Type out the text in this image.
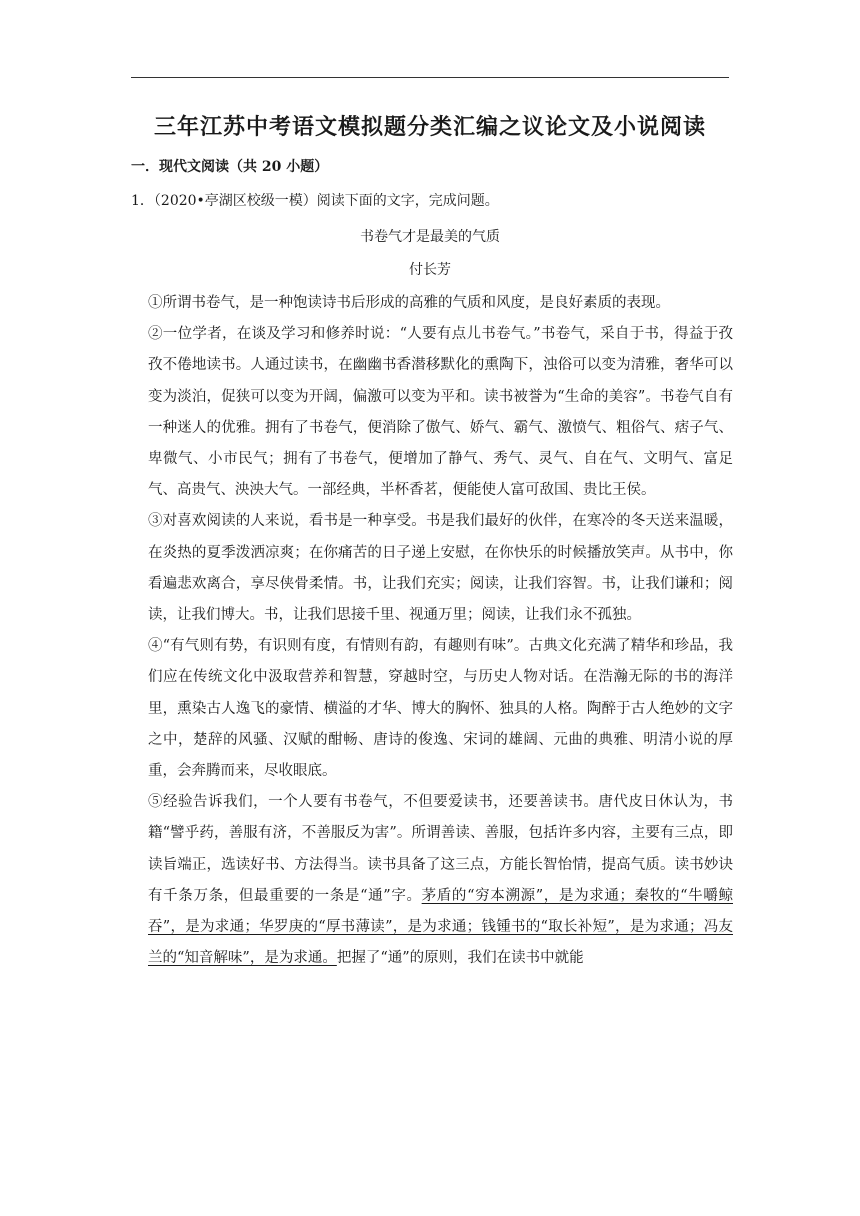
三年江苏中考语文模拟题分类汇编之议论文及小说阅读
一．现代文阅读（共 20 小题）
1．（2020•亭湖区校级一模）阅读下面的文字，完成问题。
书卷气才是最美的气质
付长芳

①所谓书卷气，是一种饱读诗书后形成的高雅的气质和风度，是良好素质的表现。

②一位学者，在谈及学习和修养时说：“人要有点儿书卷气。”书卷气，采自于书，得益于孜孜不倦地读书。人通过读书，在幽幽书香潜移默化的熏陶下，浊俗可以变为清雅，奢华可以变为淡泊，促狭可以变为开阔，偏激可以变为平和。读书被誉为“生命的美容”。书卷气自有一种迷人的优雅。拥有了书卷气，便消除了傲气、娇气、霸气、激愤气、粗俗气、痞子气、卑微气、小市民气；拥有了书卷气，便增加了静气、秀气、灵气、自在气、文明气、富足气、高贵气、泱泱大气。一部经典，半杯香茗，便能使人富可敌国、贵比王侯。

③对喜欢阅读的人来说，看书是一种享受。书是我们最好的伙伴，在寒冷的冬天送来温暖，在炎热的夏季泼洒凉爽；在你痛苦的日子递上安慰，在你快乐的时候播放笑声。从书中，你看遍悲欢离合，享尽侠骨柔情。书，让我们充实；阅读，让我们容智。书，让我们谦和；阅读，让我们博大。书，让我们思接千里、视通万里；阅读，让我们永不孤独。

④“有气则有势，有识则有度，有情则有韵，有趣则有味”。古典文化充满了精华和珍品，我们应在传统文化中汲取营养和智慧，穿越时空，与历史人物对话。在浩瀚无际的书的海洋里，熏染古人逸飞的豪情、横溢的才华、博大的胸怀、独具的人格。陶醉于古人绝妙的文字之中，楚辞的风骚、汉赋的酣畅、唐诗的俊逸、宋词的雄阔、元曲的典雅、明清小说的厚重，会奔腾而来，尽收眼底。

⑤经验告诉我们，一个人要有书卷气，不但要爱读书，还要善读书。唐代皮日休认为，书籍“譬乎药，善服有济，不善服反为害”。所谓善读、善服，包括许多内容，主要有三点，即读旨端正，选读好书、方法得当。读书具备了这三点，方能长智怡情，提高气质。读书妙诀有千条万条，但最重要的一条是“通”字。茅盾的“穷本溯源”，是为求通；秦牧的“牛嚼鲸吞”，是为求通；华罗庚的“厚书薄读”，是为求通；钱锺书的“取长补短”，是为求通；冯友兰的“知音解味”，是为求通。把握了“通”的原则，我们在读书中就能
